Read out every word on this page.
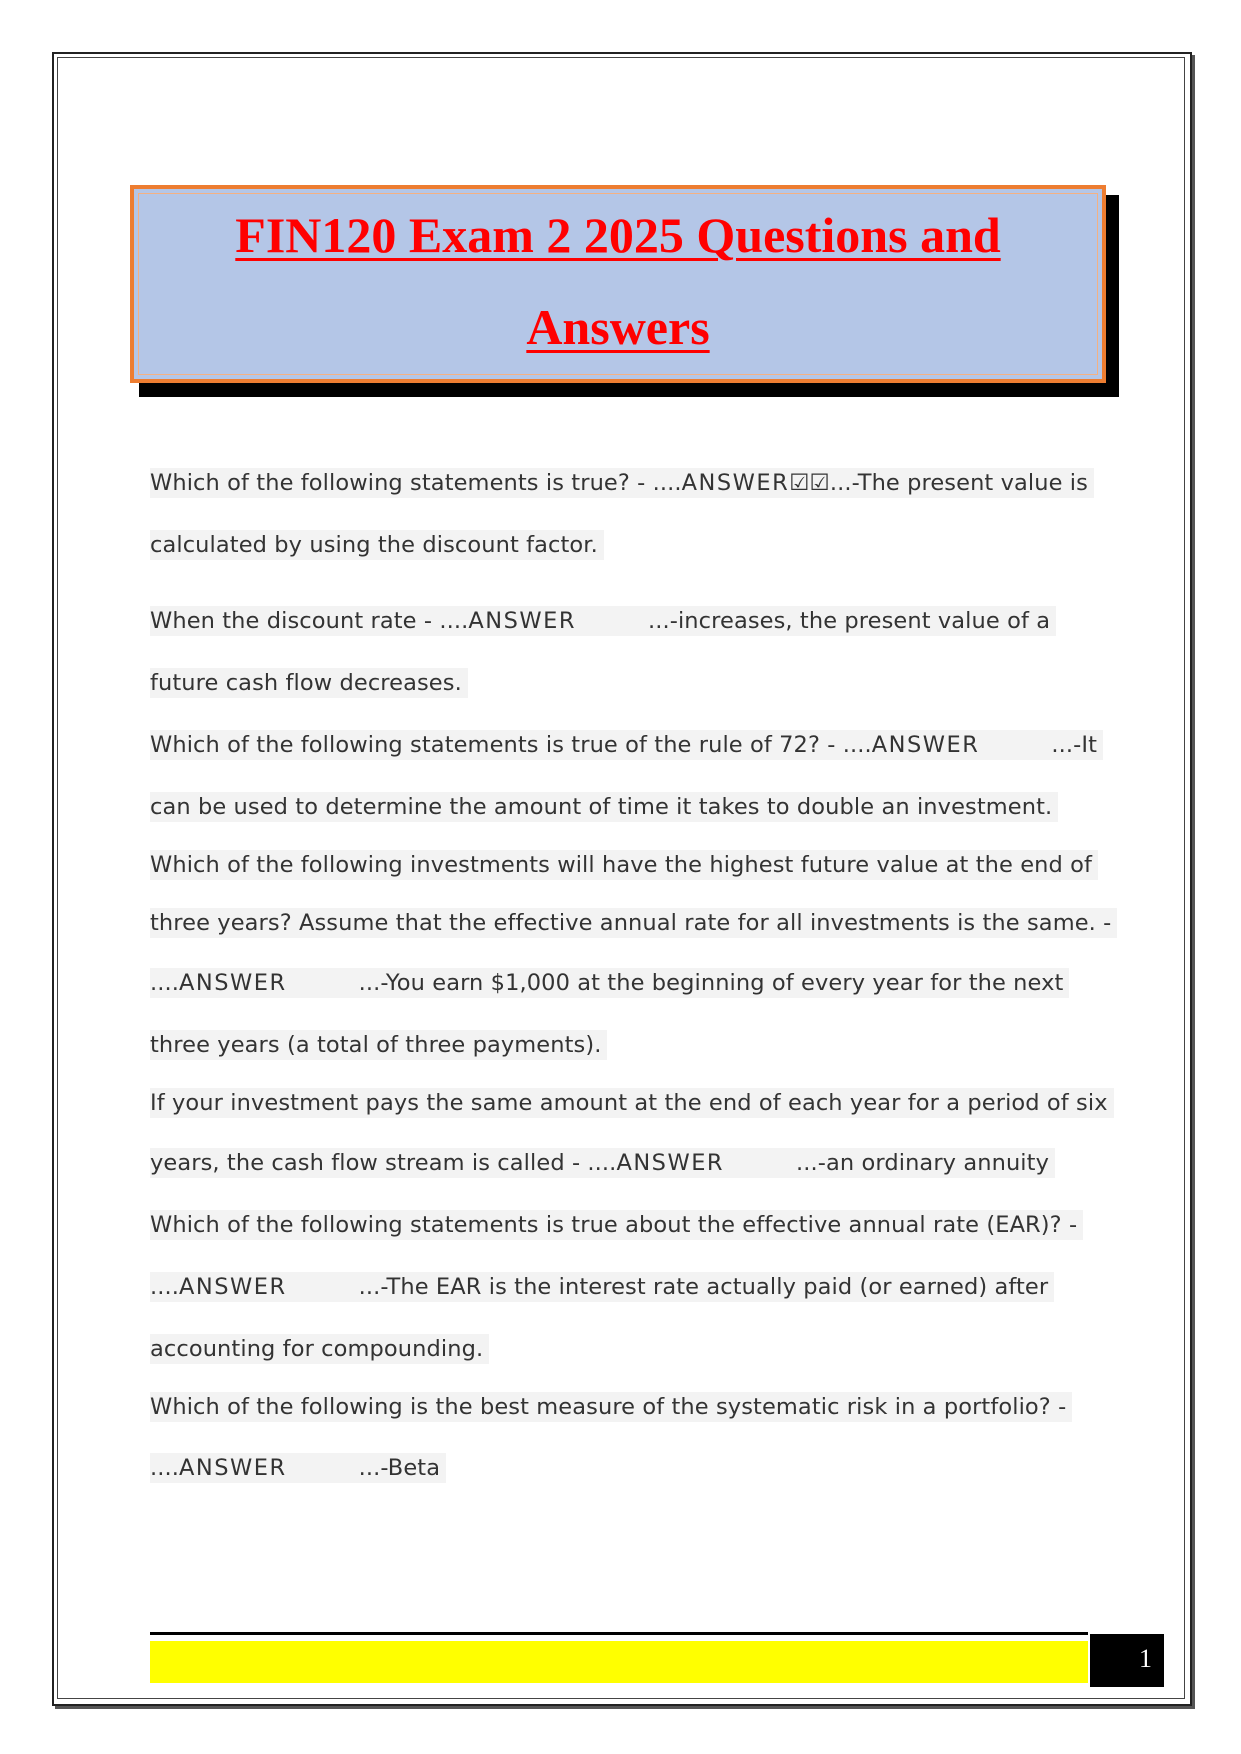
FIN120 Exam 2 2025 Questions and
Answers
Which of the following statements is true? - ....ANSWER☑☑...-The present value is
calculated by using the discount factor.
When the discount rate - ....ANSWER	...-increases, the present value of a
future cash flow decreases.
Which of the following statements is true of the rule of 72? - ....ANSWER	...-It
can be used to determine the amount of time it takes to double an investment.
Which of the following investments will have the highest future value at the end of
three years? Assume that the effective annual rate for all investments is the same. -
....ANSWER	...-You earn $1,000 at the beginning of every year for the next
three years (a total of three payments).
If your investment pays the same amount at the end of each year for a period of six
years, the cash flow stream is called - ....ANSWER	...-an ordinary annuity
Which of the following statements is true about the effective annual rate (EAR)? -
....ANSWER	...-The EAR is the interest rate actually paid (or earned) after
accounting for compounding.
Which of the following is the best measure of the systematic risk in a portfolio? -
....ANSWER	...-Beta
1
